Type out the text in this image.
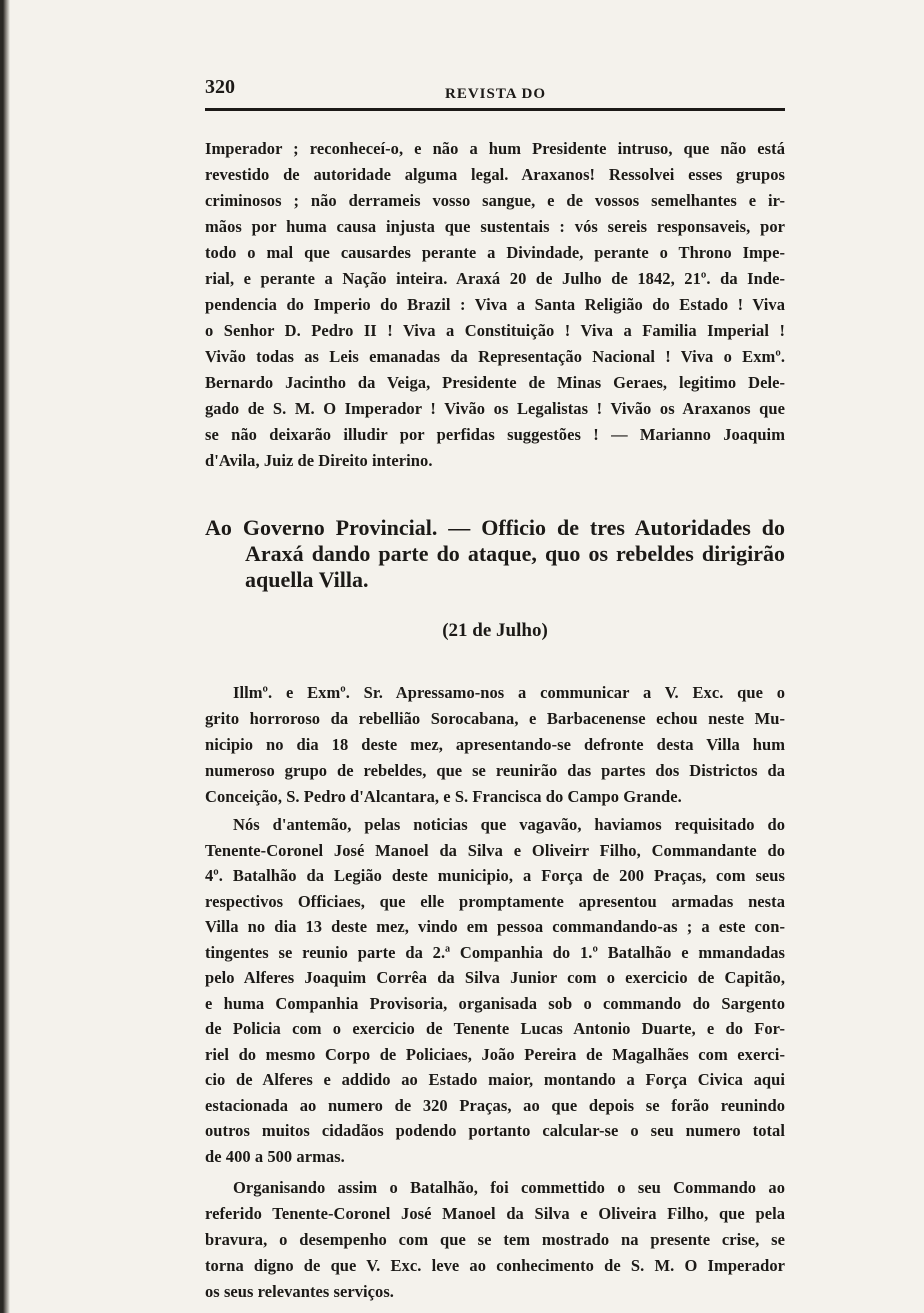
320	REVISTA DO
Imperador ; reconheceí-o, e não a hum Presidente intruso, que não está
revestido de autoridade alguma legal. Araxanos! Ressolvei esses grupos
criminosos ; não derrameis vosso sangue, e de vossos semelhantes e ir-
mãos por huma causa injusta que sustentais : vós sereis responsaveis, por
todo o mal que causardes perante a Divindade, perante o Throno Impe-
rial, e perante a Nação inteira. Araxá 20 de Julho de 1842, 21º. da Inde-
pendencia do Imperio do Brazil : Viva a Santa Religião do Estado ! Viva
o Senhor D. Pedro II ! Viva a Constituição ! Viva a Familia Imperial !
Vivão todas as Leis emanadas da Representação Nacional ! Viva o Exmº.
Bernardo Jacintho da Veiga, Presidente de Minas Geraes, legitimo Dele-
gado de S. M. O Imperador ! Vivão os Legalistas ! Vivão os Araxanos que
se não deixarão illudir por perfidas suggestões ! — Marianno Joaquim
d'Avila, Juiz de Direito interino.
Ao Governo Provincial. — Officio de tres Autoridades do
Araxá dando parte do ataque, quo os rebeldes dirigirão
aquella Villa.
(21 de Julho)
Illmº. e Exmº. Sr. Apressamo-nos a communicar a V. Exc. que o
grito horroroso da rebellião Sorocabana, e Barbacenense echou neste Mu-
nicipio no dia 18 deste mez, apresentando-se defronte desta Villa hum
numeroso grupo de rebeldes, que se reunirão das partes dos Districtos da
Conceição, S. Pedro d'Alcantara, e S. Francisca do Campo Grande.
Nós d'antemão, pelas noticias que vagavão, haviamos requisitado do
Tenente-Coronel José Manoel da Silva e Oliveirr Filho, Commandante do
4º. Batalhão da Legião deste municipio, a Força de 200 Praças, com seus
respectivos Officiaes, que elle promptamente apresentou armadas nesta
Villa no dia 13 deste mez, vindo em pessoa commandando-as ; a este con-
tingentes se reunio parte da 2.ª Companhia do 1.º Batalhão e mmandadas
pelo Alferes Joaquim Corrêa da Silva Junior com o exercicio de Capitão,
e huma Companhia Provisoria, organisada sob o commando do Sargento
de Policia com o exercicio de Tenente Lucas Antonio Duarte, e do For-
riel do mesmo Corpo de Policiaes, João Pereira de Magalhães com exerci-
cio de Alferes e addido ao Estado maior, montando a Força Civica aqui
estacionada ao numero de 320 Praças, ao que depois se forão reunindo
outros muitos cidadãos podendo portanto calcular-se o seu numero total
de 400 a 500 armas.
Organisando assim o Batalhão, foi commettido o seu Commando ao
referido Tenente-Coronel José Manoel da Silva e Oliveira Filho, que pela
bravura, o desempenho com que se tem mostrado na presente crise, se
torna digno de que V. Exc. leve ao conhecimento de S. M. O Imperador
os seus relevantes serviços.
